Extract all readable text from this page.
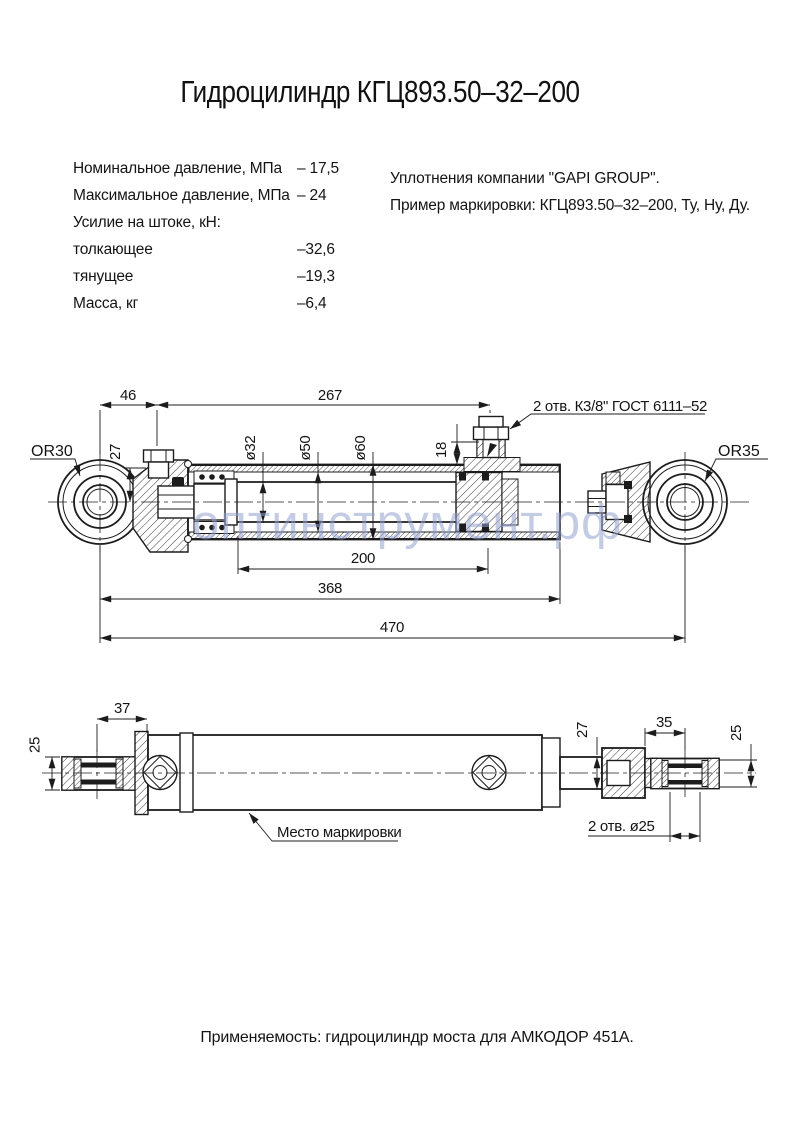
Гидроцилиндр КГЦ893.50–32–200
Номинальное давление, МПа – 17,5
Максимальное давление, МПа – 24
Усилие на штоке, кН:
толкающее	–32,6
тянущее	–19,3
Масса, кг	–6,4
Уплотнения компании "GAPI GROUP".
Пример маркировки: КГЦ893.50–32–200, Ту, Ну, Ду.
46	267
200
368
470
27	ø32	ø50	ø60	18
2 отв. К3/8" ГОСТ 6111–52
OR30	OR35
37
25
27	35
25
2 отв. ø25
Место маркировки
оптинструмент.рф
Применяемость: гидроцилиндр моста для АМКОДОР 451А.
